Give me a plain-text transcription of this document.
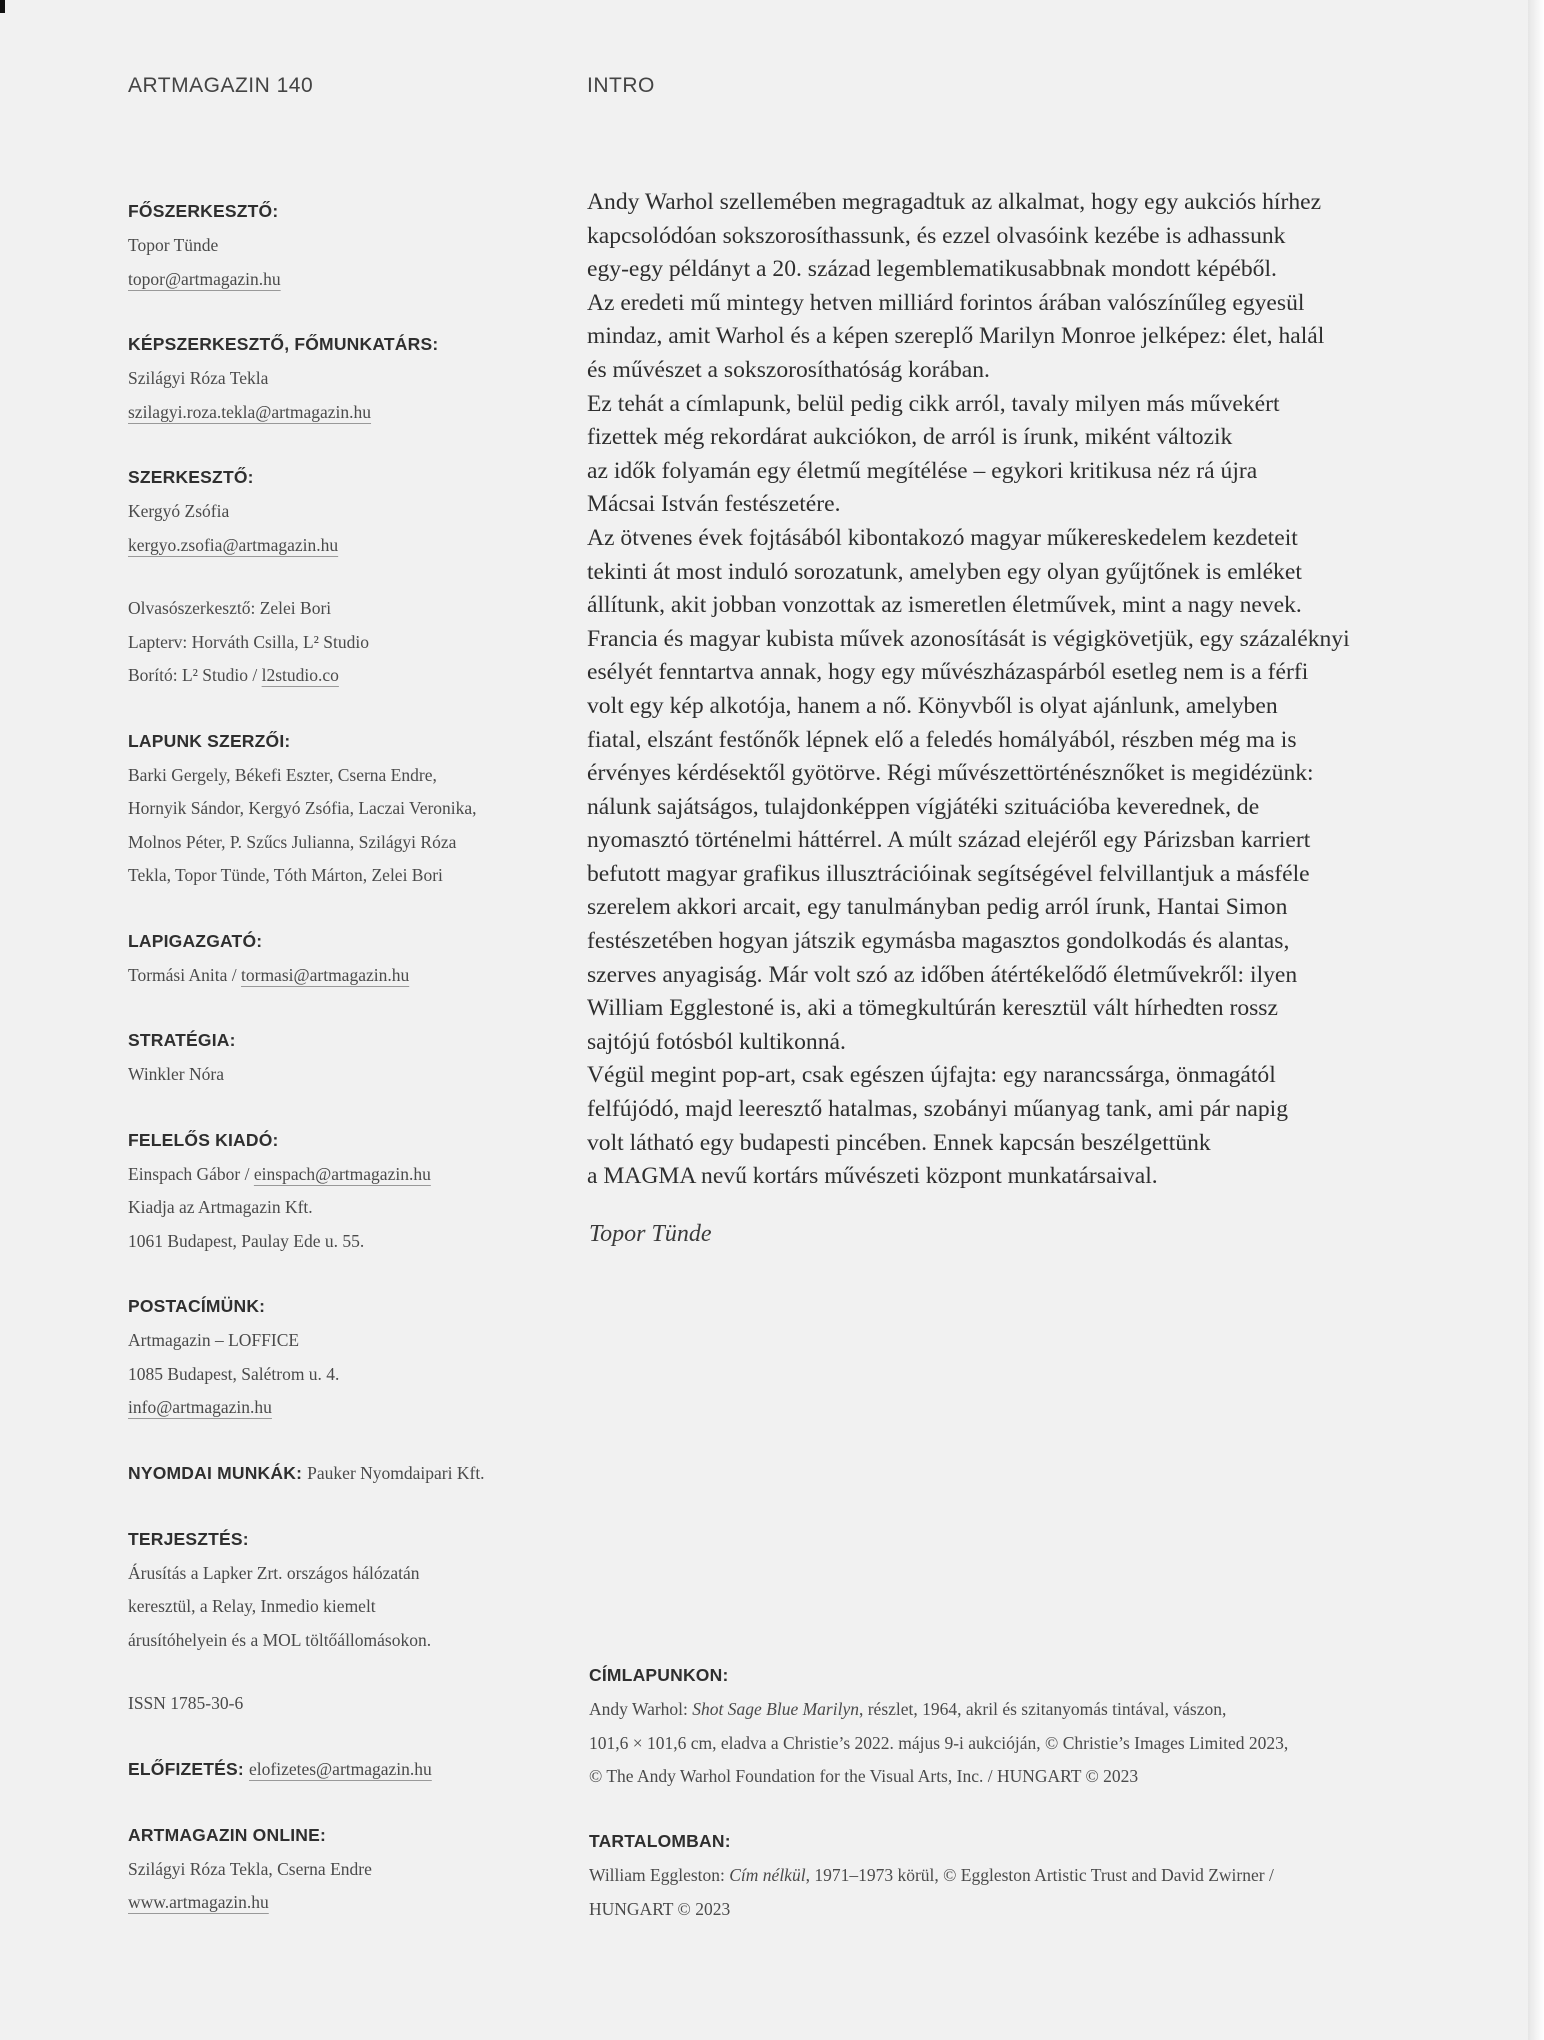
ARTMAGAZIN 140	INTRO
FŐSZERKESZTŐ:
Topor Tünde
topor@artmagazin.hu
KÉPSZERKESZTŐ, FŐMUNKATÁRS:
Szilágyi Róza Tekla
szilagyi.roza.tekla@artmagazin.hu
SZERKESZTŐ:
Kergyó Zsófia
kergyo.zsofia@artmagazin.hu
Olvasószerkesztő: Zelei Bori
Lapterv: Horváth Csilla, L² Studio
Borító: L² Studio / l2studio.co
LAPUNK SZERZŐI:
Barki Gergely, Békefi Eszter, Cserna Endre,
Hornyik Sándor, Kergyó Zsófia, Laczai Veronika,
Molnos Péter, P. Szűcs Julianna, Szilágyi Róza
Tekla, Topor Tünde, Tóth Márton, Zelei Bori
LAPIGAZGATÓ:
Tormási Anita / tormasi@artmagazin.hu
STRATÉGIA:
Winkler Nóra
FELELŐS KIADÓ:
Einspach Gábor / einspach@artmagazin.hu
Kiadja az Artmagazin Kft.
1061 Budapest, Paulay Ede u. 55.
POSTACÍMÜNK:
Artmagazin – LOFFICE
1085 Budapest, Salétrom u. 4.
info@artmagazin.hu
NYOMDAI MUNKÁK: Pauker Nyomdaipari Kft.
TERJESZTÉS:
Árusítás a Lapker Zrt. országos hálózatán
keresztül, a Relay, Inmedio kiemelt
árusítóhelyein és a MOL töltőállomásokon.
ISSN 1785-30-6
ELŐFIZETÉS: elofizetes@artmagazin.hu
ARTMAGAZIN ONLINE:
Szilágyi Róza Tekla, Cserna Endre
www.artmagazin.hu

Andy Warhol szellemében megragadtuk az alkalmat, hogy egy aukciós hírhez

kapcsolódóan sokszorosíthassunk, és ezzel olvasóink kezébe is adhassunk

egy-egy példányt a 20. század legemblematikusabbnak mondott képéből.

Az eredeti mű mintegy hetven milliárd forintos árában valószínűleg egyesül

mindaz, amit Warhol és a képen szereplő Marilyn Monroe jelképez: élet, halál

és művészet a sokszorosíthatóság korában.

Ez tehát a címlapunk, belül pedig cikk arról, tavaly milyen más művekért

fizettek még rekordárat aukciókon, de arról is írunk, miként változik

az idők folyamán egy életmű megítélése – egykori kritikusa néz rá újra

Mácsai István festészetére.

Az ötvenes évek fojtásából kibontakozó magyar műkereskedelem kezdeteit

tekinti át most induló sorozatunk, amelyben egy olyan gyűjtőnek is emléket

állítunk, akit jobban vonzottak az ismeretlen életművek, mint a nagy nevek.

Francia és magyar kubista művek azonosítását is végigkövetjük, egy százaléknyi

esélyét fenntartva annak, hogy egy művészházaspárból esetleg nem is a férfi

volt egy kép alkotója, hanem a nő. Könyvből is olyat ajánlunk, amelyben

fiatal, elszánt festőnők lépnek elő a feledés homályából, részben még ma is

érvényes kérdésektől gyötörve. Régi művészettörténésznőket is megidézünk:

nálunk sajátságos, tulajdonképpen vígjátéki szituációba keverednek, de

nyomasztó történelmi háttérrel. A múlt század elejéről egy Párizsban karriert

befutott magyar grafikus illusztrációinak segítségével felvillantjuk a másféle

szerelem akkori arcait, egy tanulmányban pedig arról írunk, Hantai Simon

festészetében hogyan játszik egymásba magasztos gondolkodás és alantas,

szerves anyagiság. Már volt szó az időben átértékelődő életművekről: ilyen

William Egglestoné is, aki a tömegkultúrán keresztül vált hírhedten rossz

sajtójú fotósból kultikonná.

Végül megint pop-art, csak egészen újfajta: egy narancssárga, önmagától

felfújódó, majd leeresztő hatalmas, szobányi műanyag tank, ami pár napig

volt látható egy budapesti pincében. Ennek kapcsán beszélgettünk

a MAGMA nevű kortárs művészeti központ munkatársaival.

Topor Tünde
CÍMLAPUNKON:
Andy Warhol: Shot Sage Blue Marilyn, részlet, 1964, akril és szitanyomás tintával, vászon,
101,6 × 101,6 cm, eladva a Christie’s 2022. május 9-i aukcióján, © Christie’s Images Limited 2023,
© The Andy Warhol Foundation for the Visual Arts, Inc. / HUNGART © 2023
TARTALOMBAN:
William Eggleston: Cím nélkül, 1971–1973 körül, © Eggleston Artistic Trust and David Zwirner /
HUNGART © 2023
